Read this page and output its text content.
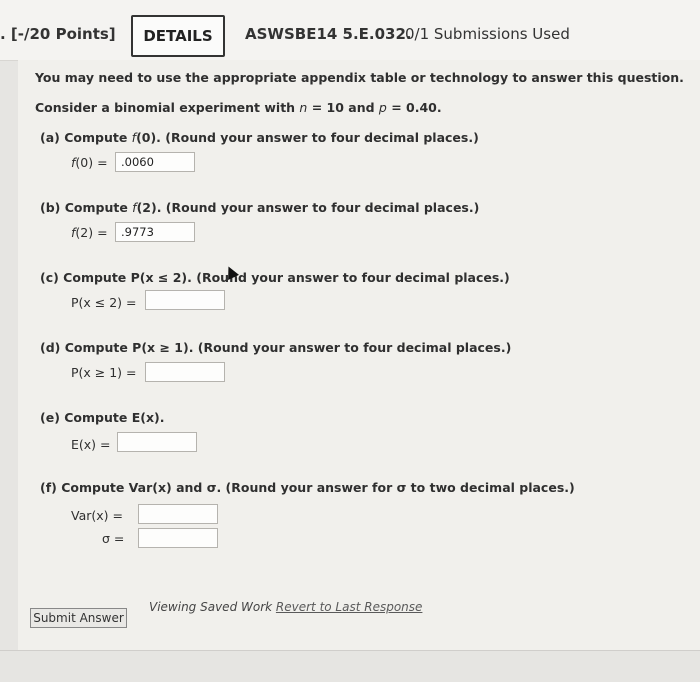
. [-/20 Points]	DETAILS	ASWSBE14 5.E.032.
0/1 Submissions Used
You may need to use the appropriate appendix table or technology to answer this question.
Consider a binomial experiment with n = 10 and p = 0.40.
(a) Compute f(0). (Round your answer to four decimal places.)
f(0) =	.0060
(b) Compute f(2). (Round your answer to four decimal places.)
f(2) =	.9773
(c) Compute P(x ≤ 2). (Round your answer to four decimal places.)
P(x ≤ 2) =
(d) Compute P(x ≥ 1). (Round your answer to four decimal places.)
P(x ≥ 1) =
(e) Compute E(x).
E(x) =
(f) Compute Var(x) and σ. (Round your answer for σ to two decimal places.)
Var(x) =
σ =
Submit Answer
Viewing Saved Work Revert to Last Response
